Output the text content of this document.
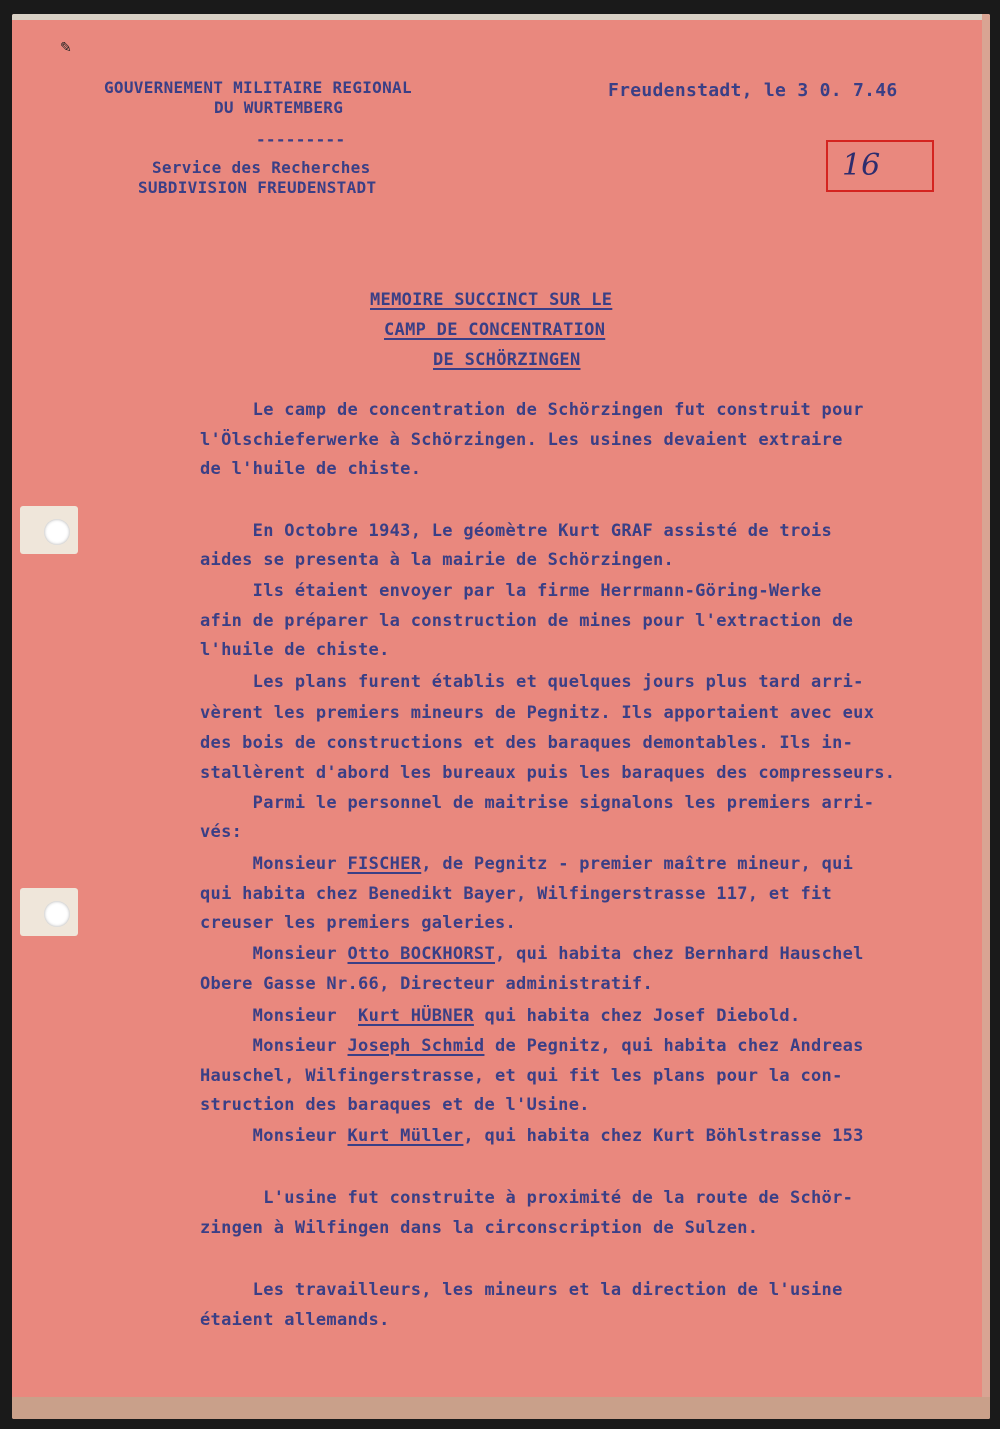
✎
GOUVERNEMENT MILITAIRE REGIONAL
DU WURTEMBERG
---------
Service des Recherches
SUBDIVISION FREUDENSTADT
Freudenstadt, le 3 0. 7.46
16
MEMOIRE SUCCINCT SUR LE
CAMP DE CONCENTRATION
DE SCHÖRZINGEN
Le camp de concentration de Schörzingen fut construit pour
l'Ölschieferwerke à Schörzingen. Les usines devaient extraire
de l'huile de chiste.
En Octobre 1943, Le géomètre Kurt GRAF assisté de trois
aides se presenta à la mairie de Schörzingen.
Ils étaient envoyer par la firme Herrmann-Göring-Werke
afin de préparer la construction de mines pour l'extraction de
l'huile de chiste.
Les plans furent établis et quelques jours plus tard arri-
vèrent les premiers mineurs de Pegnitz. Ils apportaient avec eux
des bois de constructions et des baraques demontables. Ils in-
stallèrent d'abord les bureaux puis les baraques des compresseurs.
Parmi le personnel de maitrise signalons les premiers arri-
vés:
Monsieur FISCHER, de Pegnitz - premier maître mineur, qui
qui habita chez Benedikt Bayer, Wilfingerstrasse 117, et fit
creuser les premiers galeries.
Monsieur Otto BOCKHORST, qui habita chez Bernhard Hauschel
Obere Gasse Nr.66, Directeur administratif.
Monsieur  Kurt HÜBNER qui habita chez Josef Diebold.
Monsieur Joseph Schmid de Pegnitz, qui habita chez Andreas
Hauschel, Wilfingerstrasse, et qui fit les plans pour la con-
struction des baraques et de l'Usine.
Monsieur Kurt Müller, qui habita chez Kurt Böhlstrasse 153
L'usine fut construite à proximité de la route de Schör-
zingen à Wilfingen dans la circonscription de Sulzen.
Les travailleurs, les mineurs et la direction de l'usine
étaient allemands.
